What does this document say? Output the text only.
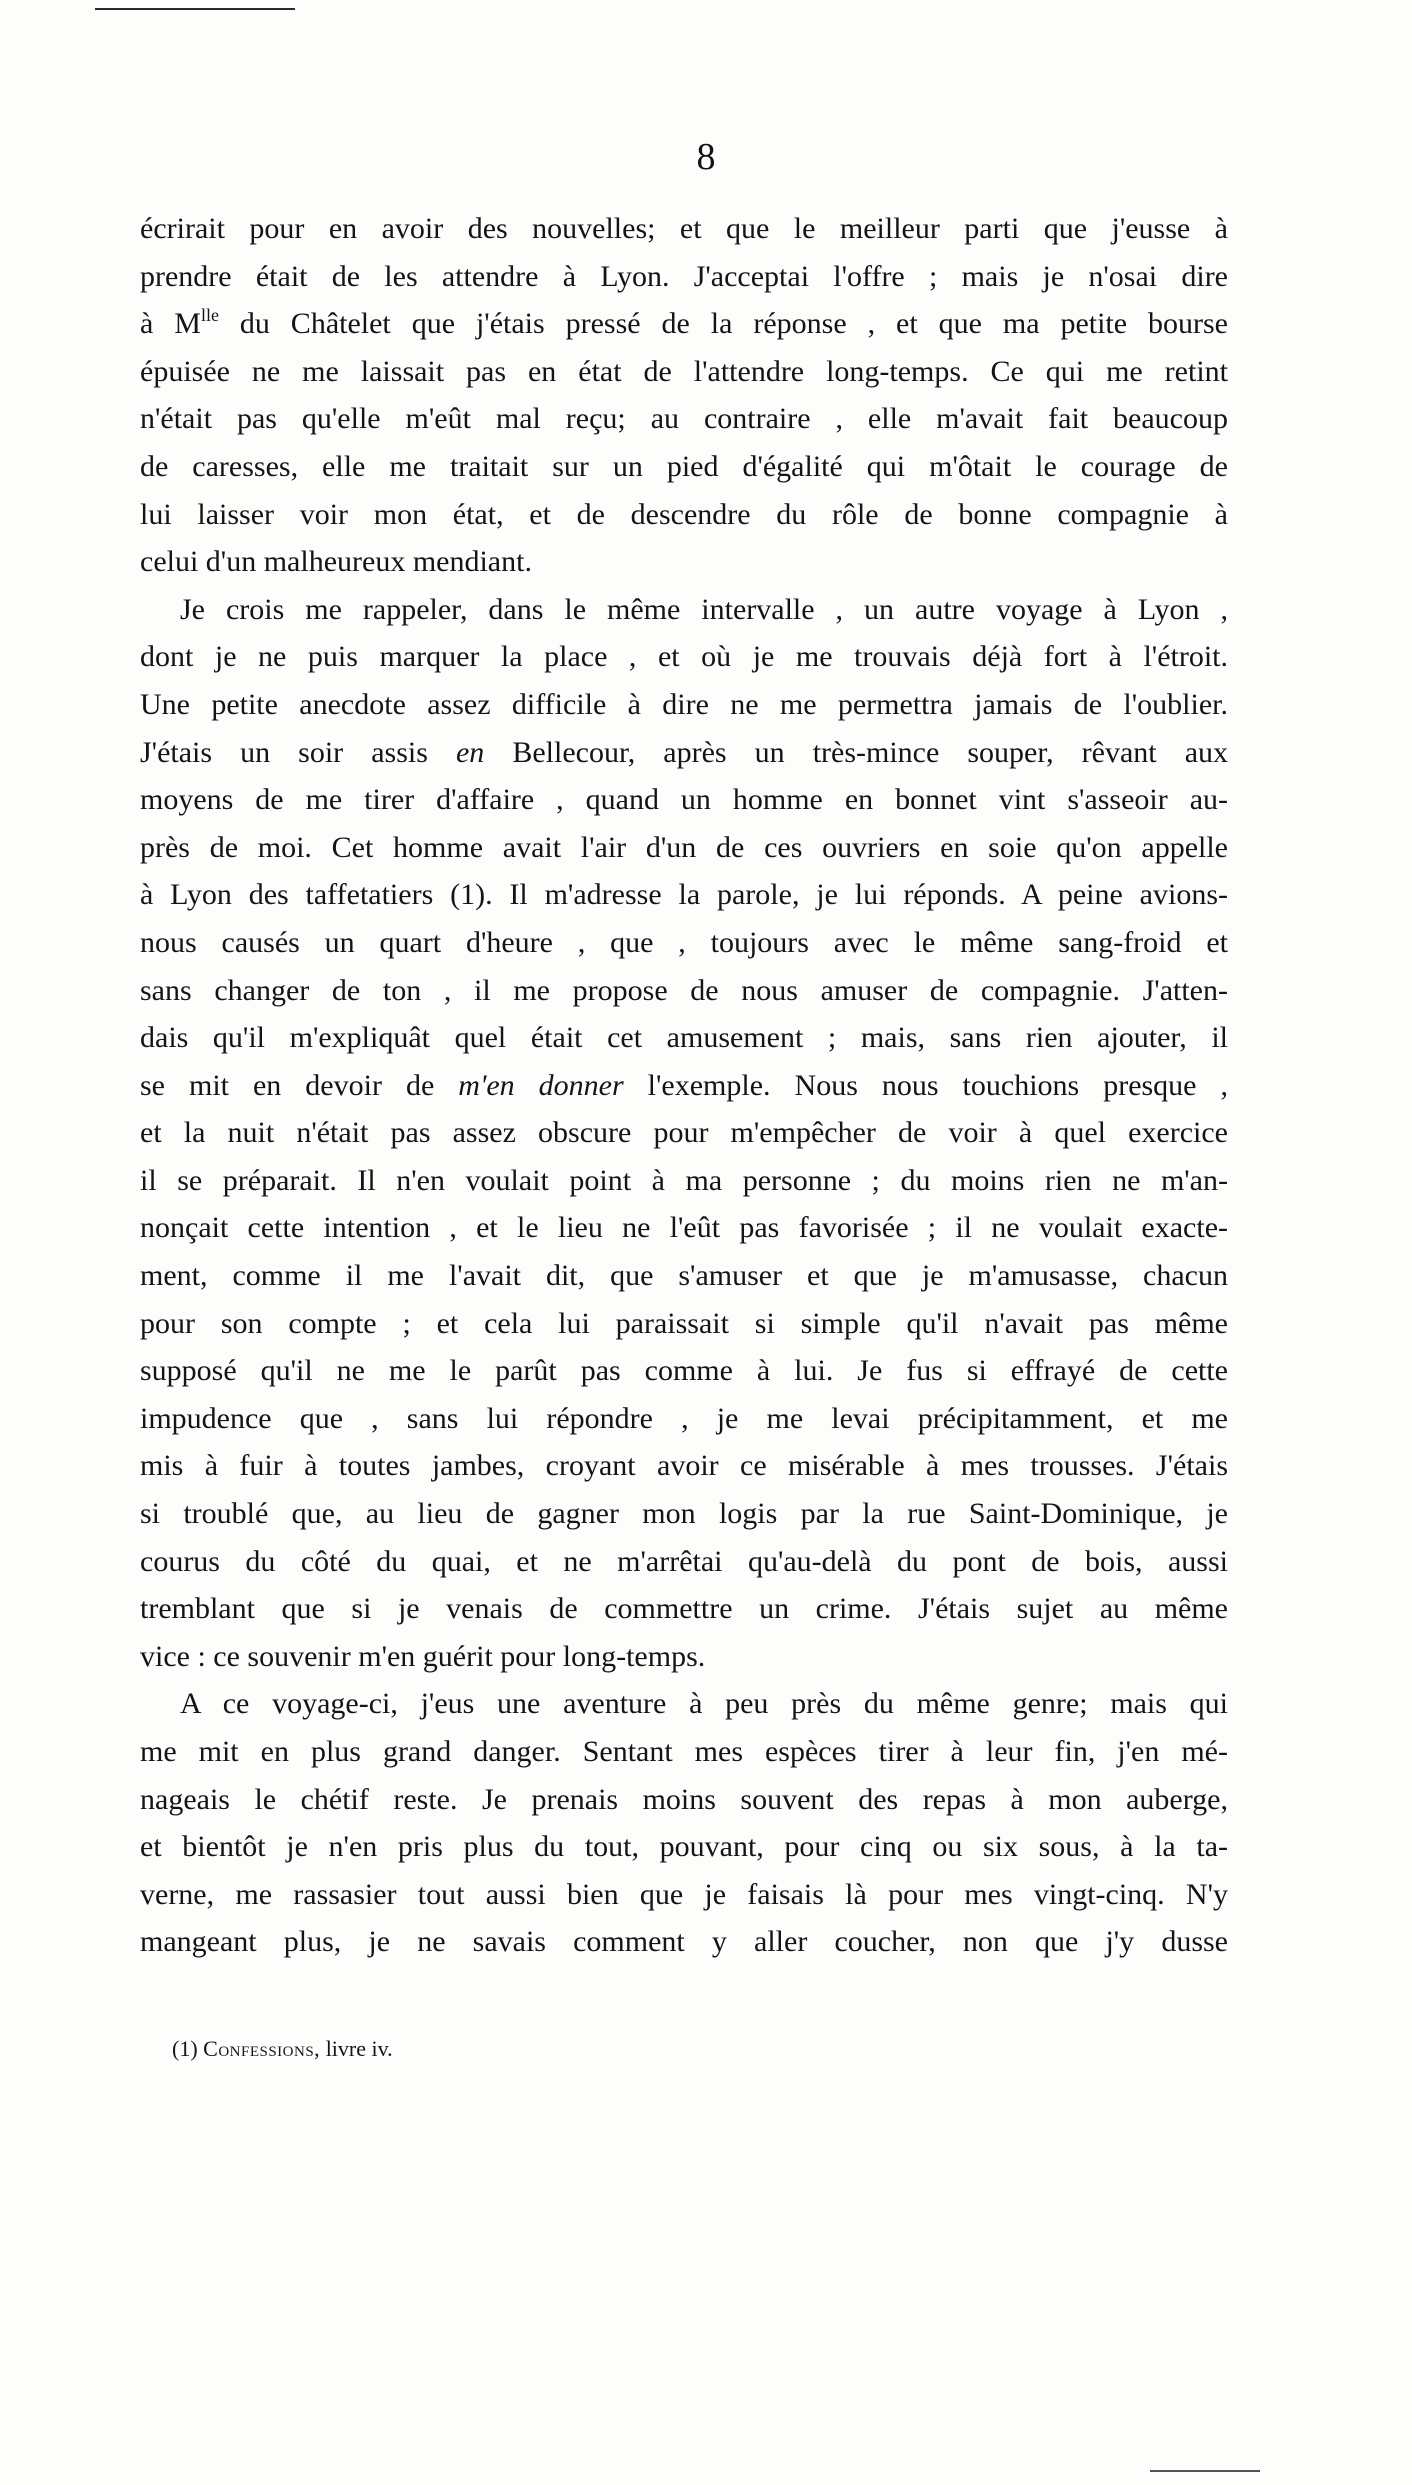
8
écrirait pour en avoir des nouvelles; et que le meilleur parti que j'eusse à
prendre était de les attendre à Lyon. J'acceptai l'offre ; mais je n'osai dire
à $M^{lle}$ du Châtelet que j'étais pressé de la réponse , et que ma petite bourse
épuisée ne me laissait pas en état de l'attendre long-temps. Ce qui me retint
n'était pas qu'elle m'eût mal reçu; au contraire , elle m'avait fait beaucoup
de caresses, elle me traitait sur un pied d'égalité qui m'ôtait le courage de
lui laisser voir mon état, et de descendre du rôle de bonne compagnie à
celui d'un malheureux mendiant.
Je crois me rappeler, dans le même intervalle , un autre voyage à Lyon ,
dont je ne puis marquer la place , et où je me trouvais déjà fort à l'étroit.
Une petite anecdote assez difficile à dire ne me permettra jamais de l'oublier.
J'étais un soir assis en Bellecour, après un très-mince souper, rêvant aux
moyens de me tirer d'affaire , quand un homme en bonnet vint s'asseoir au-
près de moi. Cet homme avait l'air d'un de ces ouvriers en soie qu'on appelle
à Lyon des taffetatiers (1). Il m'adresse la parole, je lui réponds. A peine avions-
nous causés un quart d'heure , que , toujours avec le même sang-froid et
sans changer de ton , il me propose de nous amuser de compagnie. J'atten-
dais qu'il m'expliquât quel était cet amusement ; mais, sans rien ajouter, il
se mit en devoir de m'en donner l'exemple. Nous nous touchions presque ,
et la nuit n'était pas assez obscure pour m'empêcher de voir à quel exercice
il se préparait. Il n'en voulait point à ma personne ; du moins rien ne m'an-
nonçait cette intention , et le lieu ne l'eût pas favorisée ; il ne voulait exacte-
ment, comme il me l'avait dit, que s'amuser et que je m'amusasse, chacun
pour son compte ; et cela lui paraissait si simple qu'il n'avait pas même
supposé qu'il ne me le parût pas comme à lui. Je fus si effrayé de cette
impudence que , sans lui répondre , je me levai précipitamment, et me
mis à fuir à toutes jambes, croyant avoir ce misérable à mes trousses. J'étais
si troublé que, au lieu de gagner mon logis par la rue Saint-Dominique, je
courus du côté du quai, et ne m'arrêtai qu'au-delà du pont de bois, aussi
tremblant que si je venais de commettre un crime. J'étais sujet au même
vice : ce souvenir m'en guérit pour long-temps.
A ce voyage-ci, j'eus une aventure à peu près du même genre; mais qui
me mit en plus grand danger. Sentant mes espèces tirer à leur fin, j'en mé-
nageais le chétif reste. Je prenais moins souvent des repas à mon auberge,
et bientôt je n'en pris plus du tout, pouvant, pour cinq ou six sous, à la ta-
verne, me rassasier tout aussi bien que je faisais là pour mes vingt-cinq. N'y
mangeant plus, je ne savais comment y aller coucher, non que j'y dusse
(1) Confessions, livre iv.
